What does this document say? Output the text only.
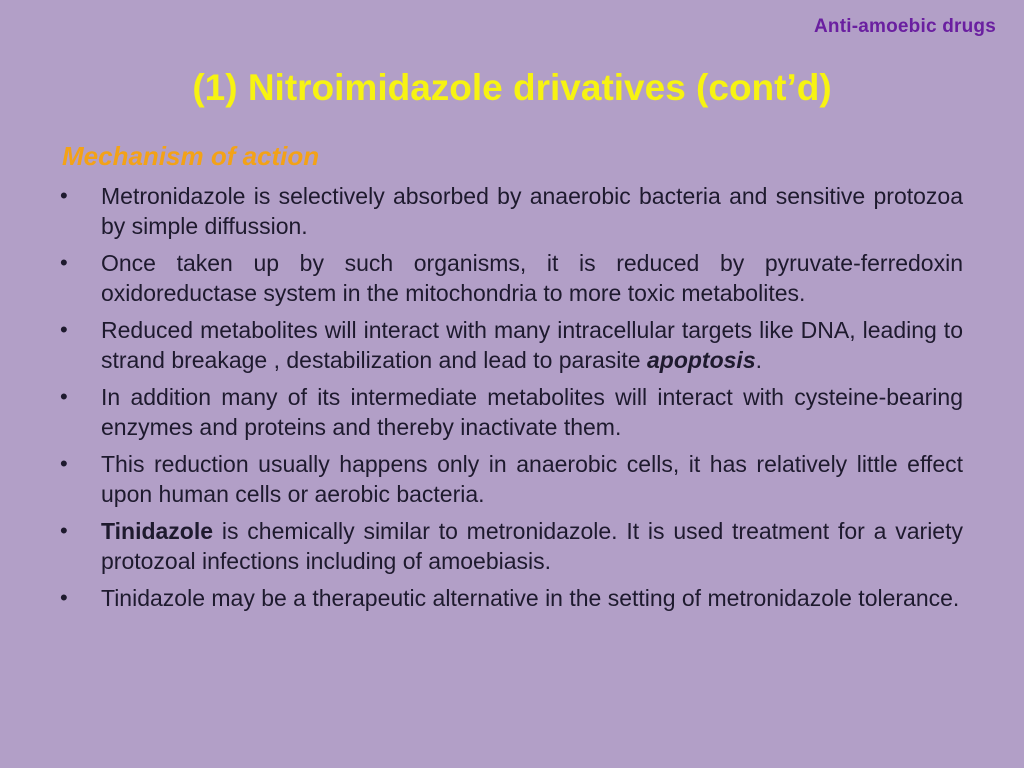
Anti-amoebic drugs
(1) Nitroimidazole drivatives (cont’d)
Mechanism of action
• Metronidazole is selectively absorbed by anaerobic bacteria and sensitive protozoa by simple diffussion.
• Once taken up by such organisms, it is reduced by pyruvate-ferredoxin oxidoreductase system in the mitochondria to more toxic metabolites.
• Reduced metabolites will interact with many intracellular targets like DNA, leading to strand breakage , destabilization and lead to parasite apoptosis.
• In addition many of its intermediate metabolites will interact with cysteine-bearing enzymes and proteins and thereby inactivate them.
• This reduction usually happens only in anaerobic cells, it has relatively little effect upon human cells or aerobic bacteria.
• Tinidazole is chemically similar to metronidazole. It is used treatment for a variety protozoal infections including of amoebiasis.
• Tinidazole may be a therapeutic alternative in the setting of metronidazole tolerance.
